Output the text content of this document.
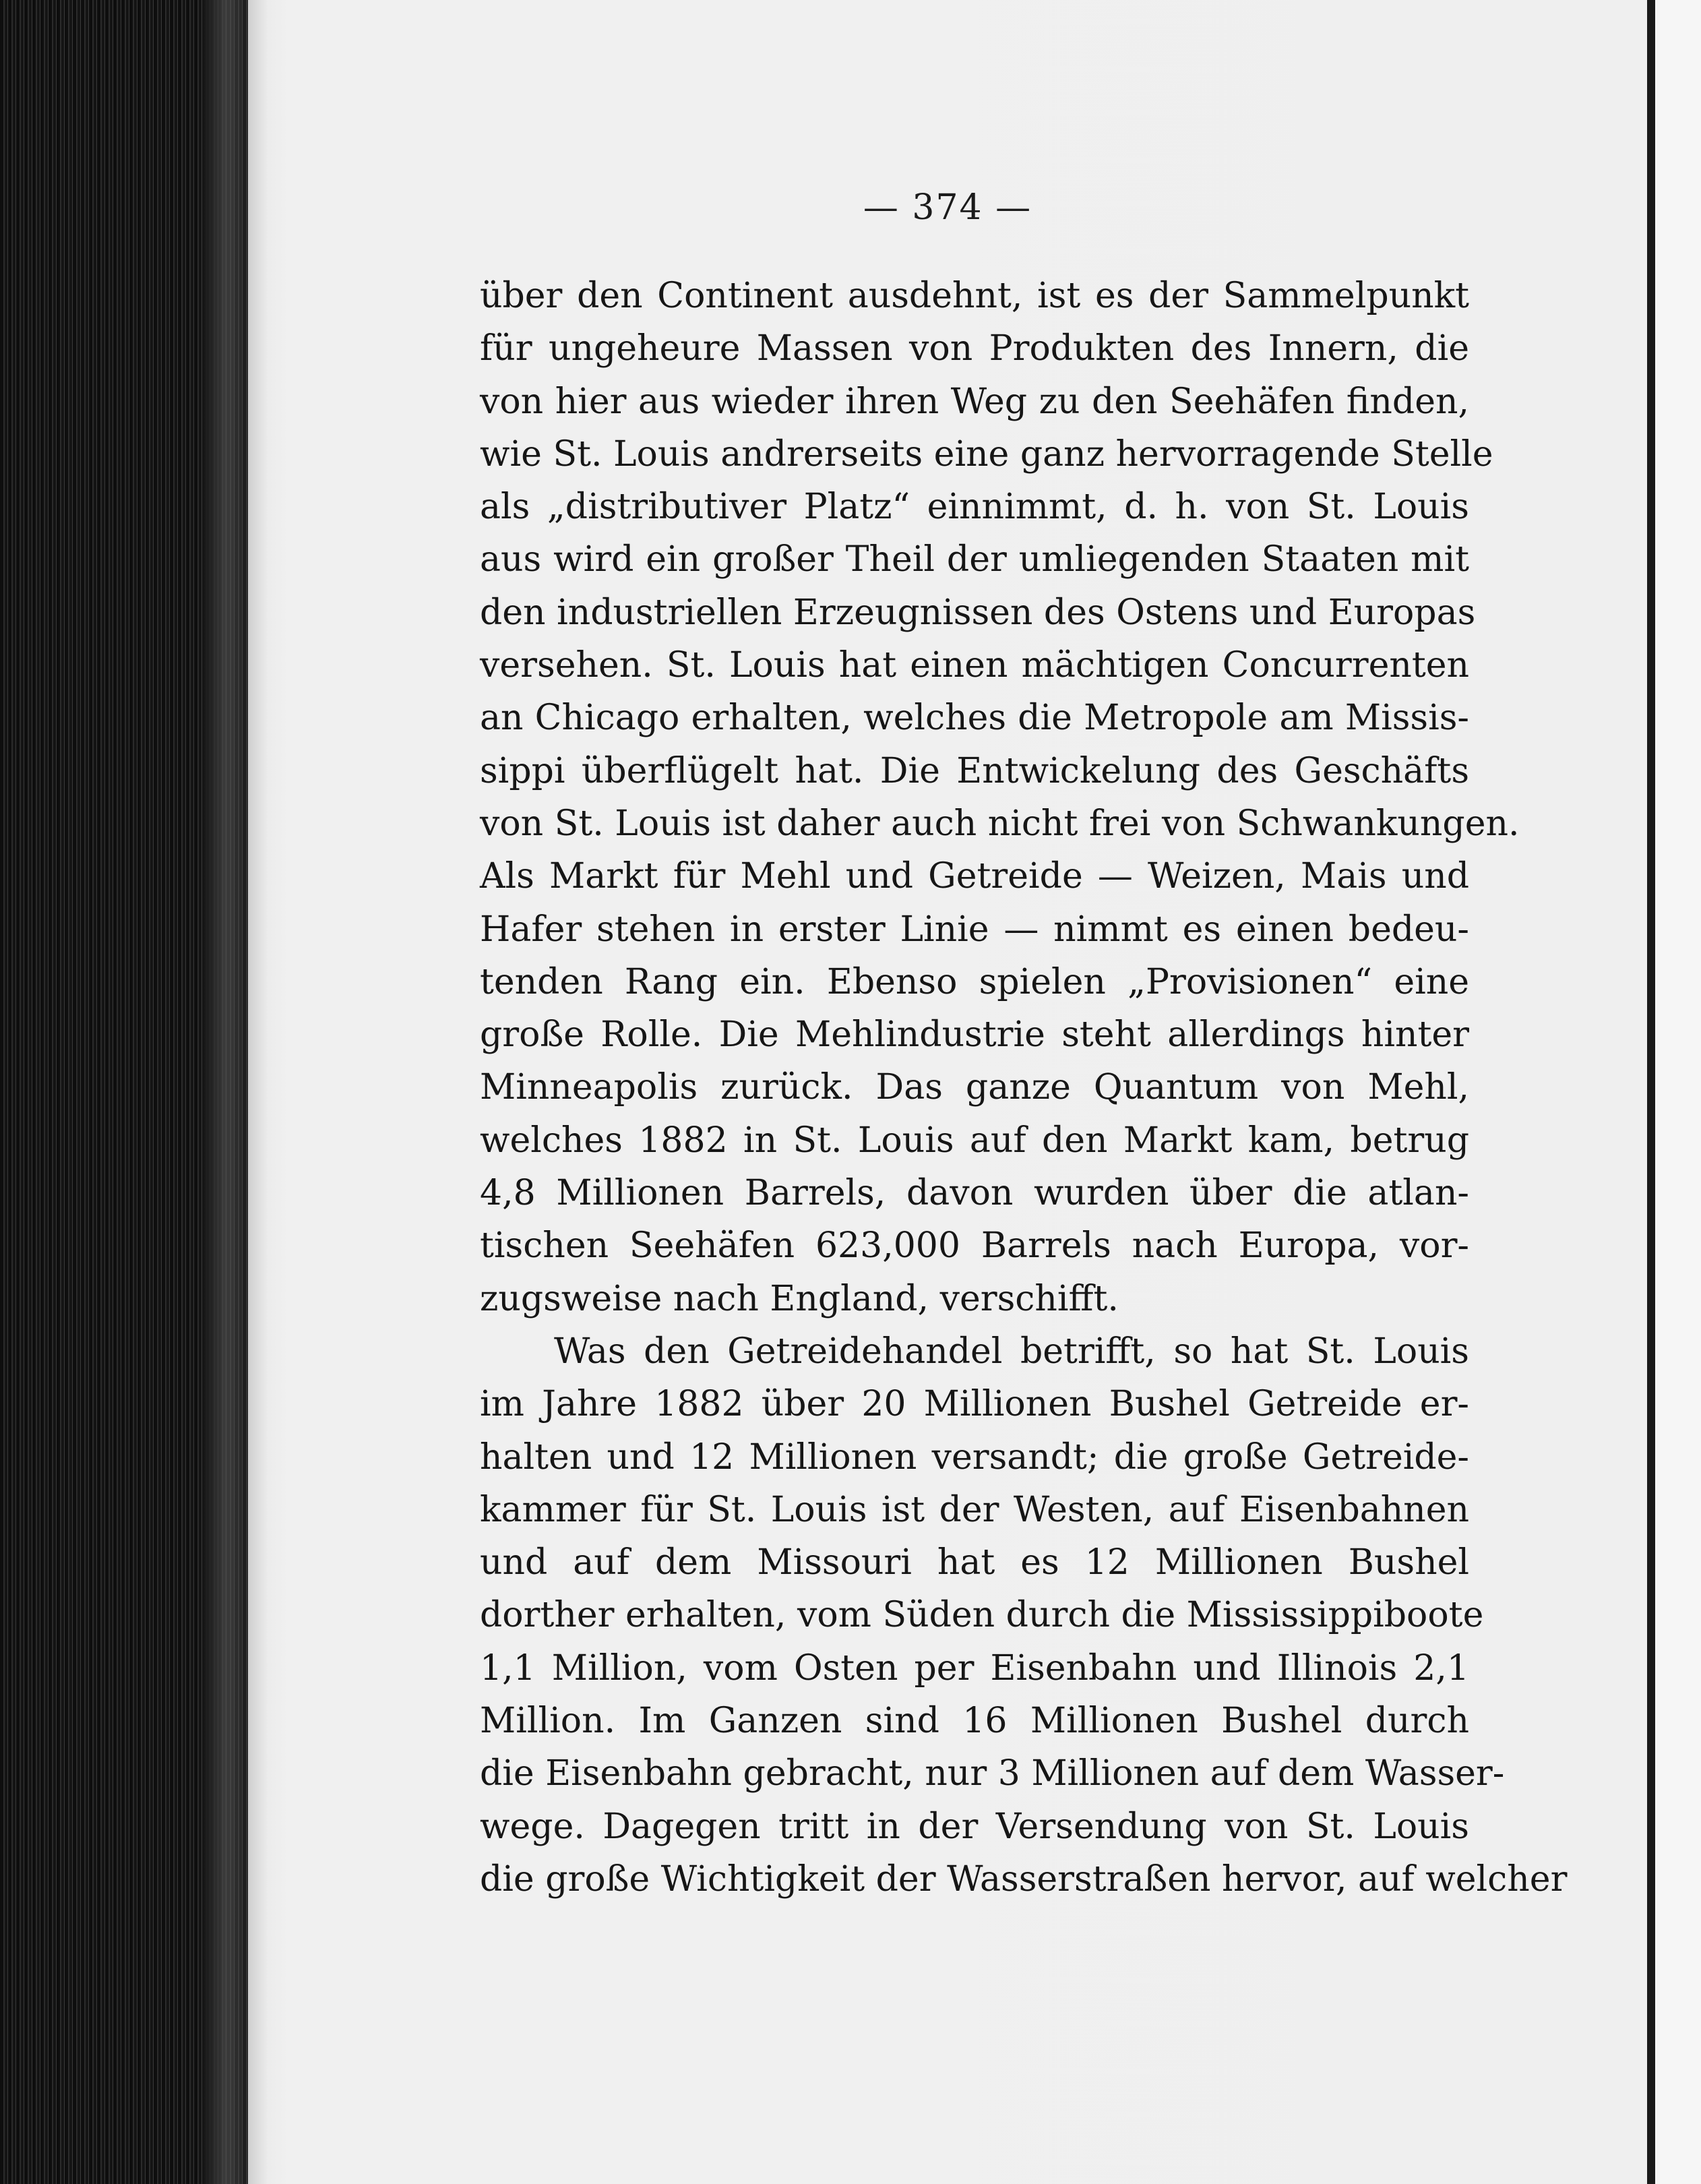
— 374 —
über den Continent ausdehnt, ist es der Sammelpunkt
für ungeheure Massen von Produkten des Innern, die
von hier aus wieder ihren Weg zu den Seehäfen finden,
wie St. Louis andrerseits eine ganz hervorragende Stelle
als „distributiver Platz“ einnimmt, d. h. von St. Louis
aus wird ein großer Theil der umliegenden Staaten mit
den industriellen Erzeugnissen des Ostens und Europas
versehen. St. Louis hat einen mächtigen Concurrenten
an Chicago erhalten, welches die Metropole am Missis-
sippi überflügelt hat. Die Entwickelung des Geschäfts
von St. Louis ist daher auch nicht frei von Schwankungen.
Als Markt für Mehl und Getreide — Weizen, Mais und
Hafer stehen in erster Linie — nimmt es einen bedeu-
tenden Rang ein. Ebenso spielen „Provisionen“ eine
große Rolle. Die Mehlindustrie steht allerdings hinter
Minneapolis zurück. Das ganze Quantum von Mehl,
welches 1882 in St. Louis auf den Markt kam, betrug
4,8 Millionen Barrels, davon wurden über die atlan-
tischen Seehäfen 623,000 Barrels nach Europa, vor-
zugsweise nach England, verschifft.
Was den Getreidehandel betrifft, so hat St. Louis
im Jahre 1882 über 20 Millionen Bushel Getreide er-
halten und 12 Millionen versandt; die große Getreide-
kammer für St. Louis ist der Westen, auf Eisenbahnen
und auf dem Missouri hat es 12 Millionen Bushel
dorther erhalten, vom Süden durch die Mississippiboote
1,1 Million, vom Osten per Eisenbahn und Illinois 2,1
Million. Im Ganzen sind 16 Millionen Bushel durch
die Eisenbahn gebracht, nur 3 Millionen auf dem Wasser-
wege. Dagegen tritt in der Versendung von St. Louis
die große Wichtigkeit der Wasserstraßen hervor, auf welcher
